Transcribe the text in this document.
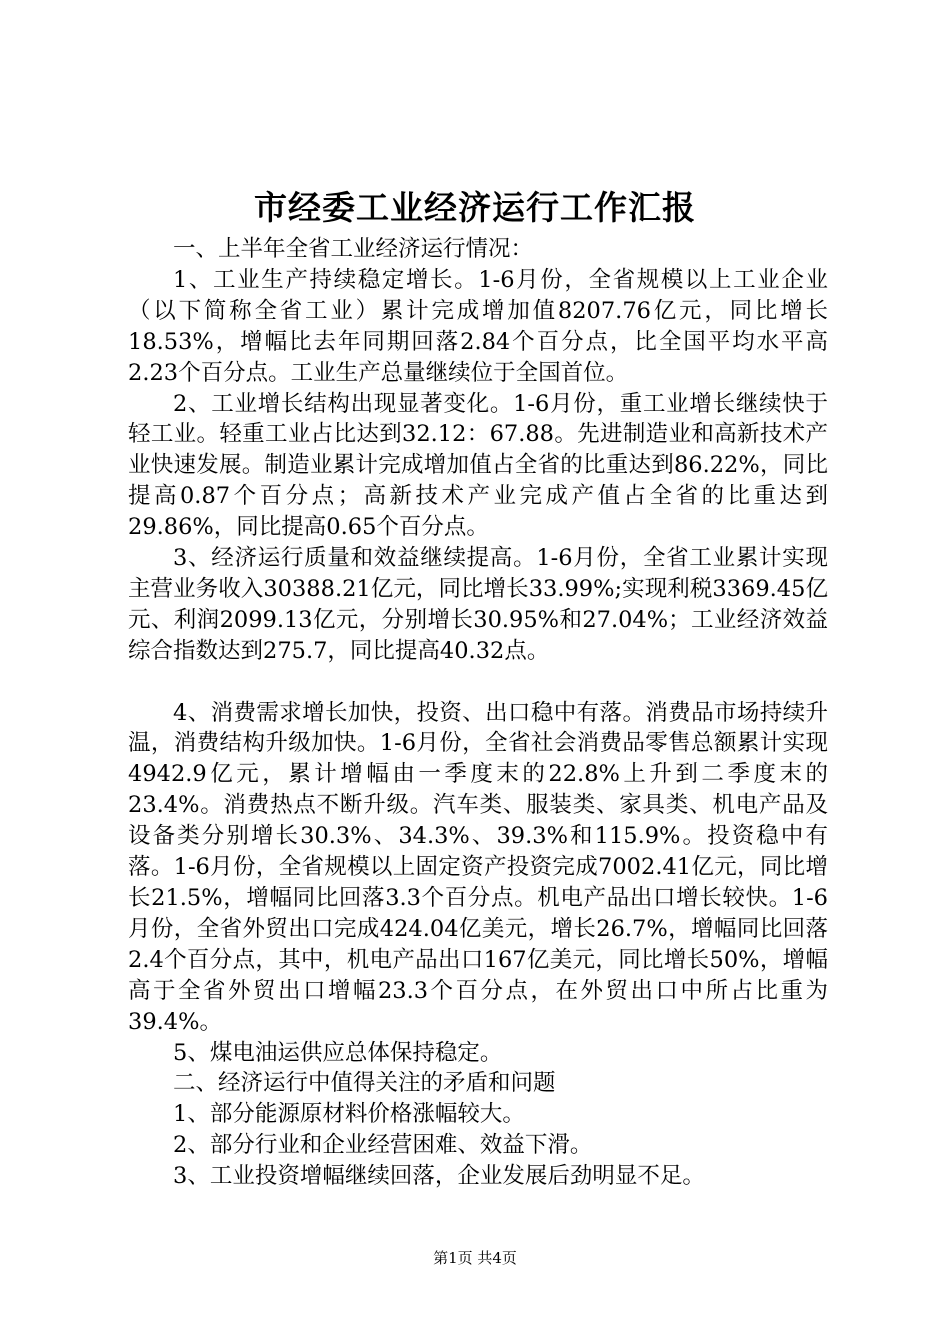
市经委工业经济运行工作汇报

一、上半年全省工业经济运行情况：

1、工业生产持续稳定增长。1-6月份，全省规模以上工业企业（以下简称全省工业）累计完成增加值8207.76亿元，同比增长18.53%，增幅比去年同期回落2.84个百分点，比全国平均水平高2.23个百分点。工业生产总量继续位于全国首位。

2、工业增长结构出现显著变化。1-6月份，重工业增长继续快于轻工业。轻重工业占比达到32.12：67.88。先进制造业和高新技术产业快速发展。制造业累计完成增加值占全省的比重达到86.22%，同比提高0.87个百分点；高新技术产业完成产值占全省的比重达到29.86%，同比提高0.65个百分点。

3、经济运行质量和效益继续提高。1-6月份，全省工业累计实现主营业务收入30388.21亿元，同比增长33.99%;实现利税3369.45亿元、利润2099.13亿元，分别增长30.95%和27.04%；工业经济效益综合指数达到275.7，同比提高40.32点。

4、消费需求增长加快，投资、出口稳中有落。消费品市场持续升温，消费结构升级加快。1-6月份，全省社会消费品零售总额累计实现4942.9亿元，累计增幅由一季度末的22.8%上升到二季度末的23.4%。消费热点不断升级。汽车类、服装类、家具类、机电产品及设备类分别增长30.3%、34.3%、39.3%和115.9%。投资稳中有落。1-6月份，全省规模以上固定资产投资完成7002.41亿元，同比增长21.5%，增幅同比回落3.3个百分点。机电产品出口增长较快。1-6月份，全省外贸出口完成424.04亿美元，增长26.7%，增幅同比回落2.4个百分点，其中，机电产品出口167亿美元，同比增长50%，增幅高于全省外贸出口增幅23.3个百分点，在外贸出口中所占比重为39.4%。

5、煤电油运供应总体保持稳定。

二、经济运行中值得关注的矛盾和问题

1、部分能源原材料价格涨幅较大。

2、部分行业和企业经营困难、效益下滑。

3、工业投资增幅继续回落，企业发展后劲明显不足。

第1页 共4页
